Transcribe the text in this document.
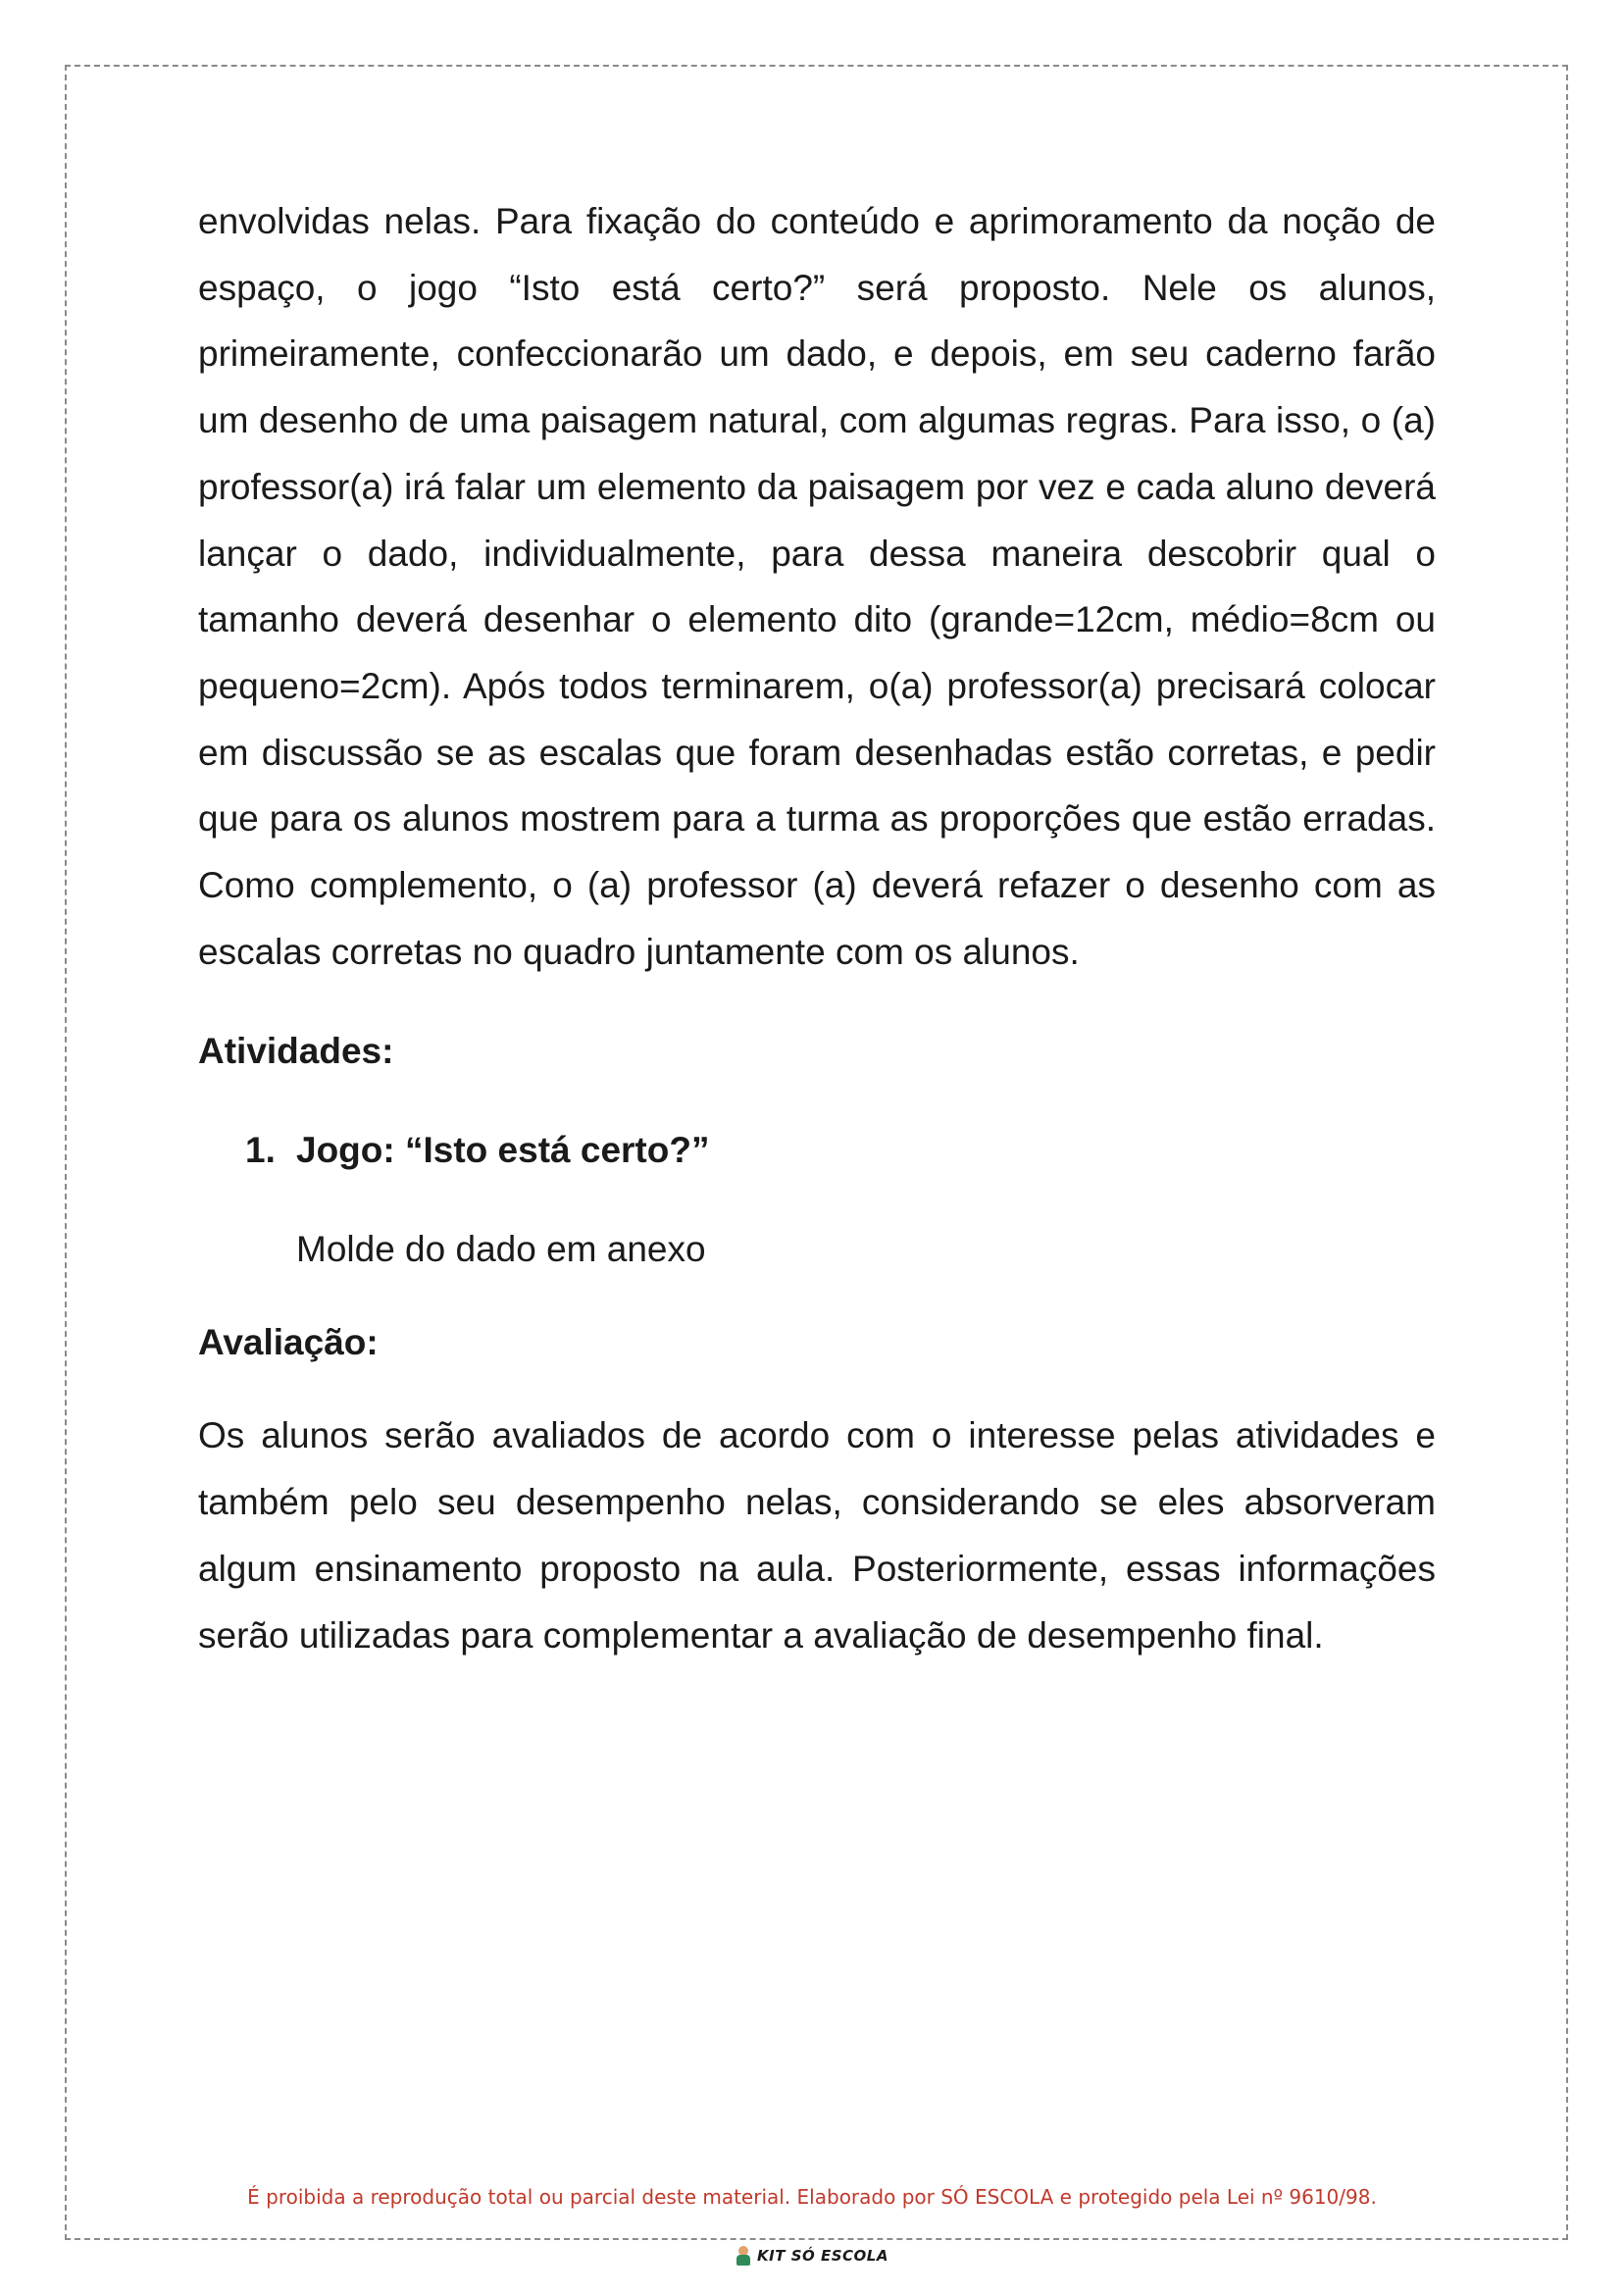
envolvidas nelas. Para fixação do conteúdo e aprimoramento da noção de espaço, o jogo “Isto está certo?” será proposto. Nele os alunos, primeiramente, confeccionarão um dado, e depois, em seu caderno farão um desenho de uma paisagem natural, com algumas regras. Para isso, o (a) professor(a) irá falar um elemento da paisagem por vez e cada aluno deverá lançar o dado, individualmente, para dessa maneira descobrir qual o tamanho deverá desenhar o elemento dito (grande=12cm, médio=8cm ou pequeno=2cm). Após todos terminarem, o(a) professor(a) precisará colocar em discussão se as escalas que foram desenhadas estão corretas, e pedir que para os alunos mostrem para a turma as proporções que estão erradas. Como complemento, o (a) professor (a) deverá refazer o desenho com as escalas corretas no quadro juntamente com os alunos.

Atividades:
1. Jogo: “Isto está certo?”

Molde do dado em anexo

Avaliação:

Os alunos serão avaliados de acordo com o interesse pelas atividades e também pelo seu desempenho nelas, considerando se eles absorveram algum ensinamento proposto na aula. Posteriormente, essas informações serão utilizadas para complementar a avaliação de desempenho final.

É proibida a reprodução total ou parcial deste material. Elaborado por SÓ ESCOLA e protegido pela Lei nº 9610/98.
KIT SÓ ESCOLA
